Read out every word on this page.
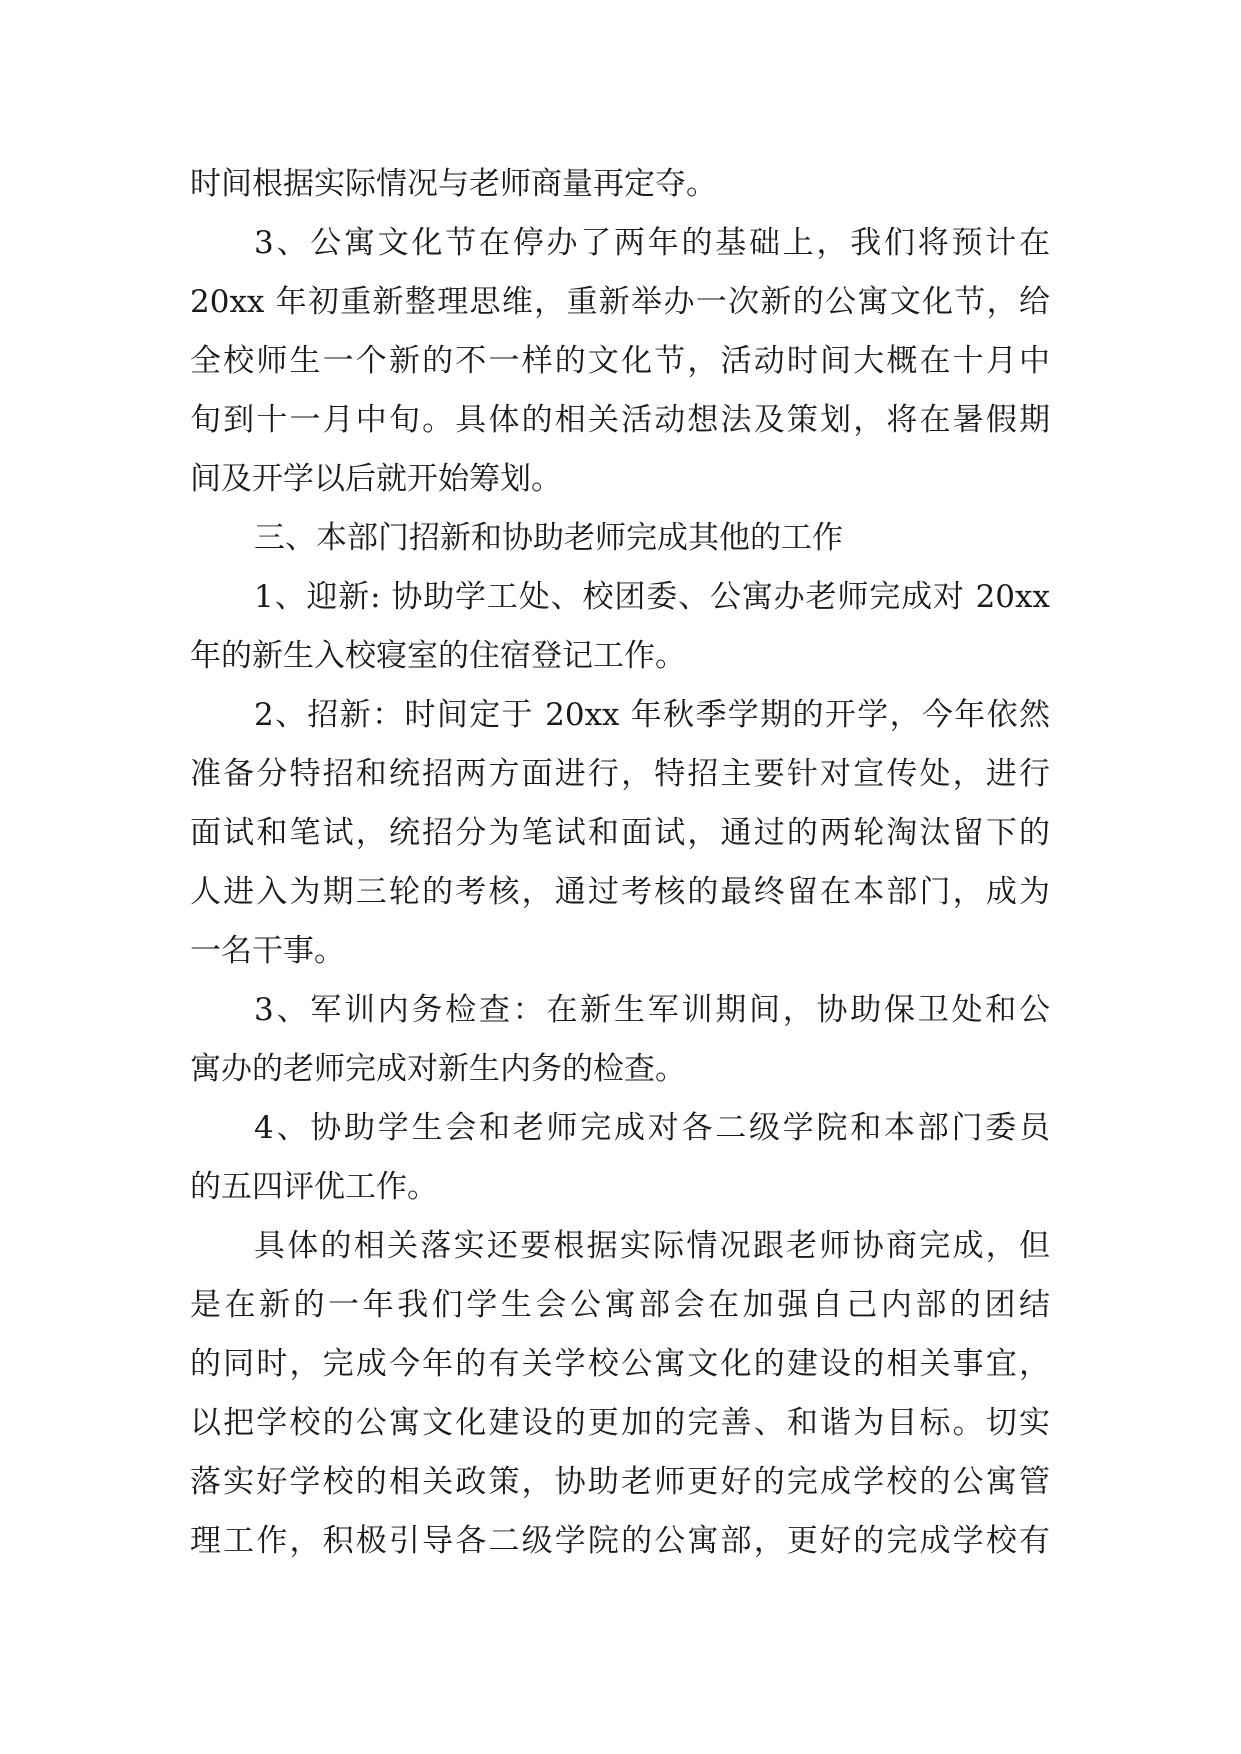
时间根据实际情况与老师商量再定夺。

3、公寓文化节在停办了两年的基础上，我们将预计在

20xx 年初重新整理思维，重新举办一次新的公寓文化节，给

全校师生一个新的不一样的文化节，活动时间大概在十月中

旬到十一月中旬。具体的相关活动想法及策划，将在暑假期

间及开学以后就开始筹划。

三、本部门招新和协助老师完成其他的工作

1、迎新: 协助学工处、校团委、公寓办老师完成对 20xx

年的新生入校寝室的住宿登记工作。

2、招新：时间定于 20xx 年秋季学期的开学，今年依然

准备分特招和统招两方面进行，特招主要针对宣传处，进行

面试和笔试，统招分为笔试和面试，通过的两轮淘汰留下的

人进入为期三轮的考核，通过考核的最终留在本部门，成为

一名干事。

3、军训内务检查：在新生军训期间，协助保卫处和公

寓办的老师完成对新生内务的检查。

4、协助学生会和老师完成对各二级学院和本部门委员

的五四评优工作。

具体的相关落实还要根据实际情况跟老师协商完成，但

是在新的一年我们学生会公寓部会在加强自己内部的团结

的同时，完成今年的有关学校公寓文化的建设的相关事宜，

以把学校的公寓文化建设的更加的完善、和谐为目标。切实

落实好学校的相关政策，协助老师更好的完成学校的公寓管

理工作，积极引导各二级学院的公寓部，更好的完成学校有
